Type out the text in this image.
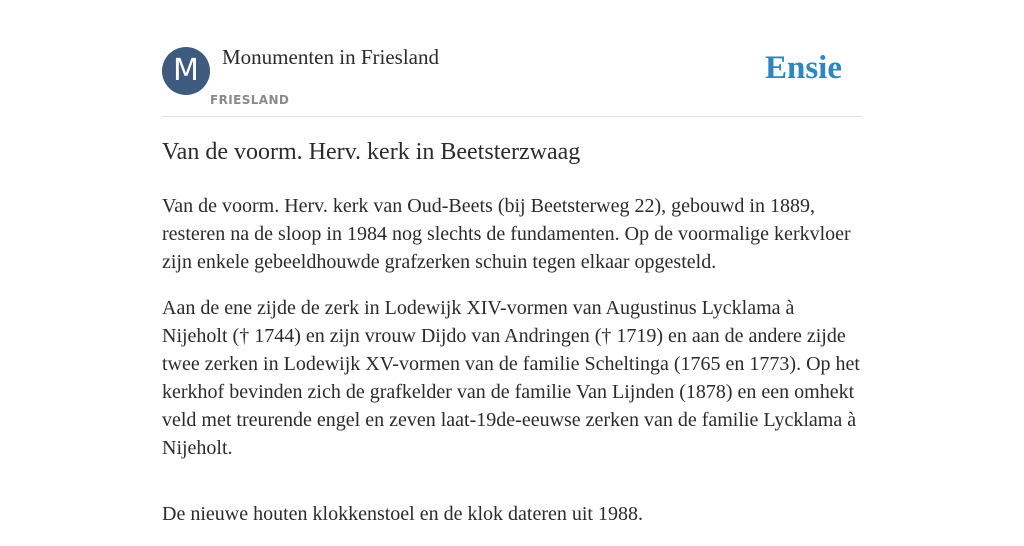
M	Monumenten in Friesland
FRIESLAND
Ensie
Van de voorm. Herv. kerk in Beetsterzwaag

Van de voorm. Herv. kerk van Oud-Beets (bij Beetsterweg 22), gebouwd in 1889, resteren na de sloop in 1984 nog slechts de fundamenten. Op de voormalige kerkvloer zijn enkele gebeeldhouwde grafzerken schuin tegen elkaar opgesteld.

Aan de ene zijde de zerk in Lodewijk XIV-vormen van Augustinus Lycklama à Nijeholt († 1744) en zijn vrouw Dijdo van Andringen († 1719) en aan de andere zijde twee zerken in Lodewijk XV-vormen van de familie Scheltinga (1765 en 1773). Op het kerkhof bevinden zich de grafkelder van de familie Van Lijnden (1878) en een omhekt veld met treurende engel en zeven laat-19de-eeuwse zerken van de familie Lycklama à Nijeholt.

De nieuwe houten klokkenstoel en de klok dateren uit 1988.
